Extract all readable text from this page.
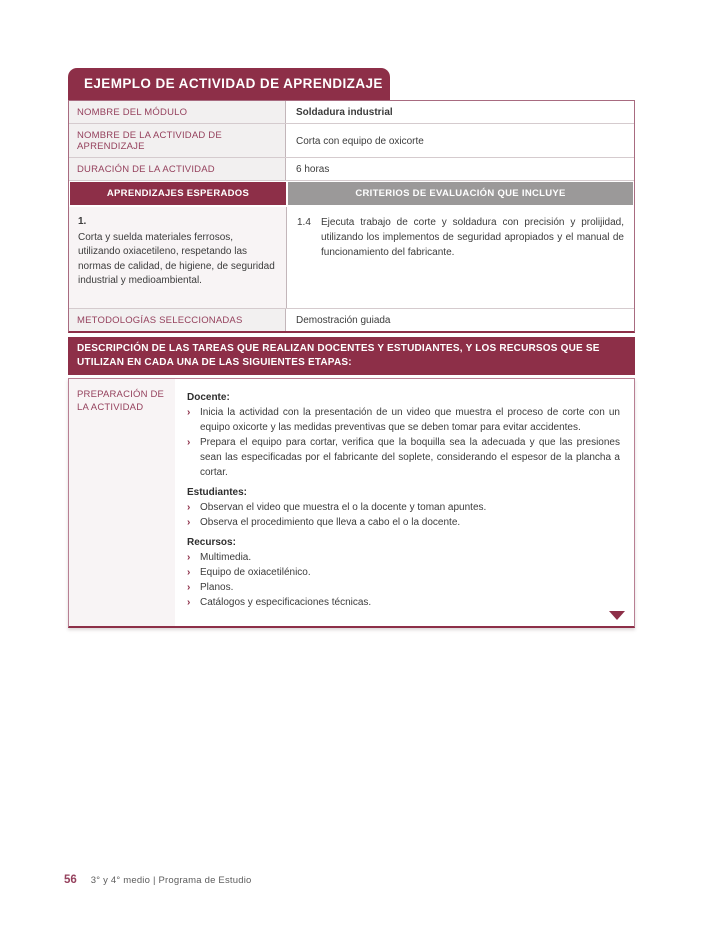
EJEMPLO DE ACTIVIDAD DE APRENDIZAJE
NOMBRE DEL MÓDULO	Soldadura industrial
NOMBRE DE LA ACTIVIDAD DE APRENDIZAJE	Corta con equipo de oxicorte
DURACIÓN DE LA ACTIVIDAD	6 horas
APRENDIZAJES ESPERADOS	CRITERIOS DE EVALUACIÓN QUE INCLUYE
1.
Corta y suelda materiales ferrosos, utilizando oxiacetileno, respetando las normas de calidad, de higiene, de seguridad industrial y medioambiental.
1.4	Ejecuta trabajo de corte y soldadura con precisión y prolijidad, utilizando los implementos de seguridad apropiados y el manual de funcionamiento del fabricante.
METODOLOGÍAS SELECCIONADAS	Demostración guiada
DESCRIPCIÓN DE LAS TAREAS QUE REALIZAN DOCENTES Y ESTUDIANTES, Y LOS RECURSOS QUE SE UTILIZAN EN CADA UNA DE LAS SIGUIENTES ETAPAS:
PREPARACIÓN DE LA ACTIVIDAD
Docente:
› Inicia la actividad con la presentación de un video que muestra el proceso de corte con un equipo oxicorte y las medidas preventivas que se deben tomar para evitar accidentes.
› Prepara el equipo para cortar, verifica que la boquilla sea la adecuada y que las presiones sean las especificadas por el fabricante del soplete, considerando el espesor de la plancha a cortar.
Estudiantes:
› Observan el video que muestra el o la docente y toman apuntes.
› Observa el procedimiento que lleva a cabo el o la docente.
Recursos:
› Multimedia.
› Equipo de oxiacetilénico.
› Planos.
› Catálogos y especificaciones técnicas.
56 3° y 4° medio | Programa de Estudio
